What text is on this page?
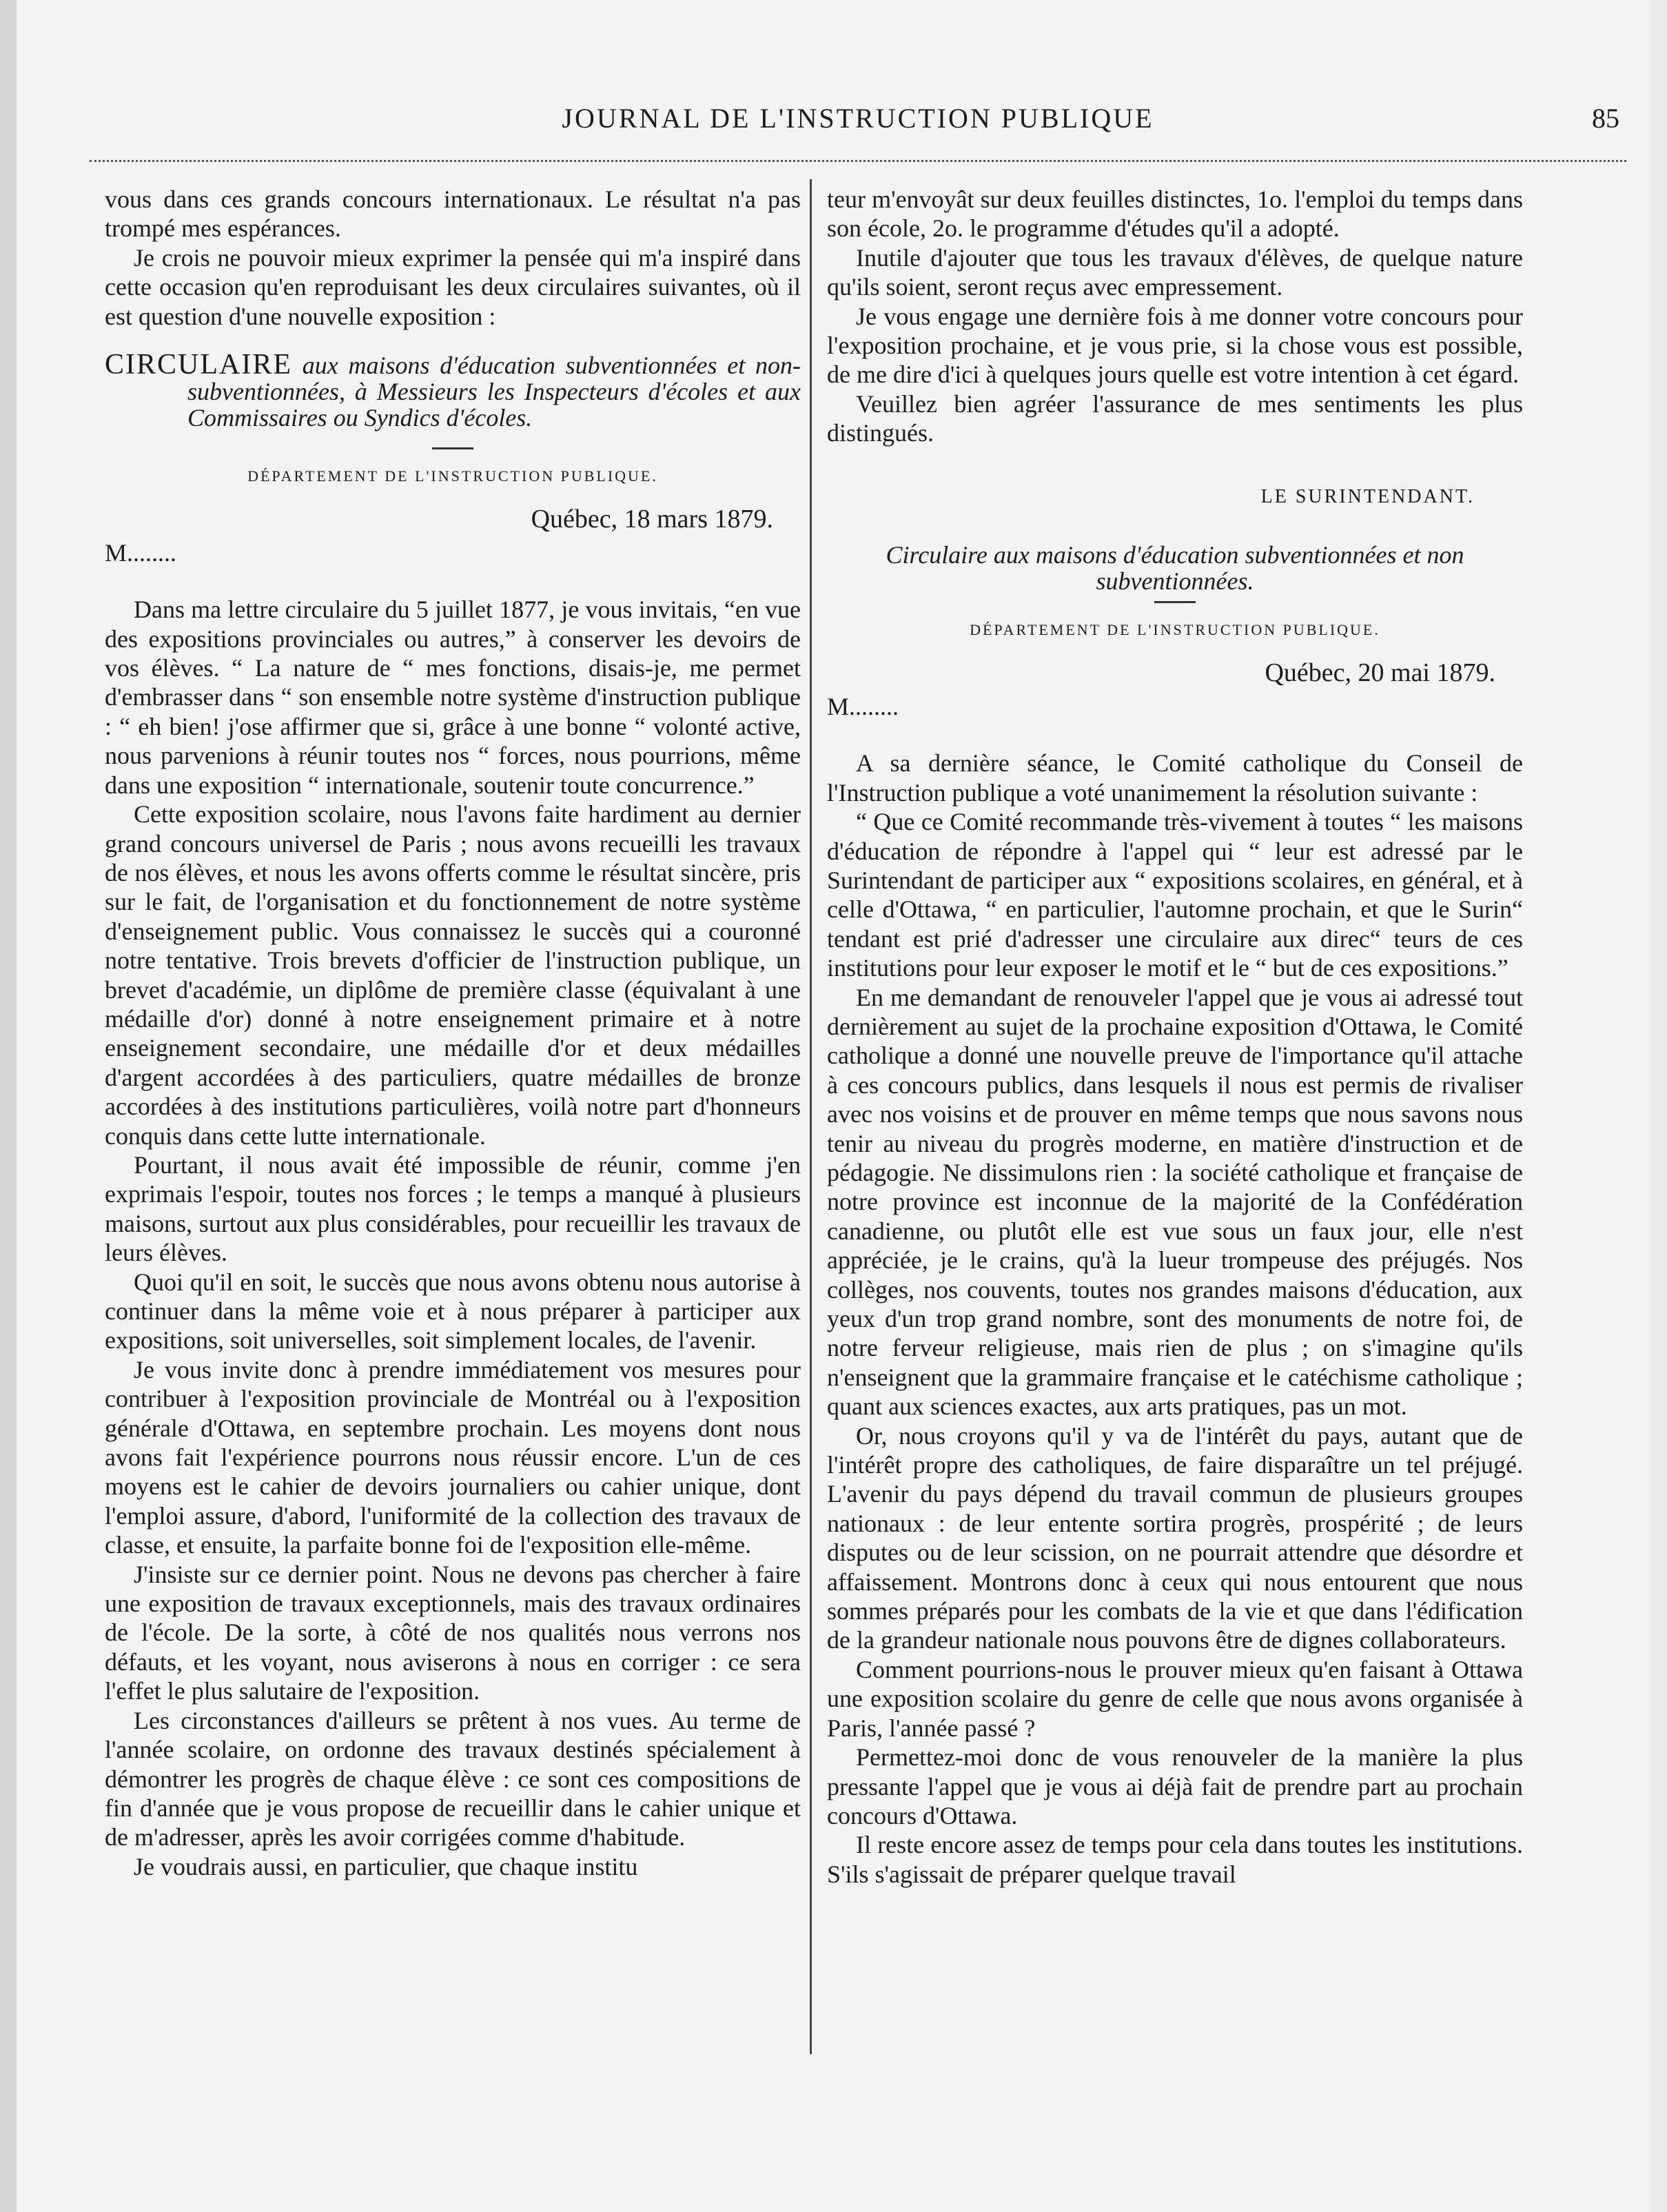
JOURNAL DE L'INSTRUCTION PUBLIQUE	85

vous dans ces grands concours internationaux. Le résultat n'a pas trompé mes espérances.

Je crois ne pouvoir mieux exprimer la pensée qui m'a inspiré dans cette occasion qu'en reproduisant les deux circulaires suivantes, où il est question d'une nouvelle exposition :

CIRCULAIRE aux maisons d'éducation subventionnées et non-subventionnées, à Messieurs les Inspecteurs d'écoles et aux Commissaires ou Syndics d'écoles.
DÉPARTEMENT DE L'INSTRUCTION PUBLIQUE.
Québec, 18 mars 1879.
M........

Dans ma lettre circulaire du 5 juillet 1877, je vous invitais, “en vue des expositions provinciales ou autres,” à conserver les devoirs de vos élèves. “ La nature de “ mes fonctions, disais-je, me permet d'embrasser dans “ son ensemble notre système d'instruction publique : “ eh bien! j'ose affirmer que si, grâce à une bonne “ volonté active, nous parvenions à réunir toutes nos “ forces, nous pourrions, même dans une exposition “ internationale, soutenir toute concurrence.”

Cette exposition scolaire, nous l'avons faite hardiment au dernier grand concours universel de Paris ; nous avons recueilli les travaux de nos élèves, et nous les avons offerts comme le résultat sincère, pris sur le fait, de l'organisation et du fonctionnement de notre système d'enseignement public. Vous connaissez le succès qui a couronné notre tentative. Trois brevets d'officier de l'instruction publique, un brevet d'académie, un diplôme de première classe (équivalant à une médaille d'or) donné à notre enseignement primaire et à notre enseignement secondaire, une médaille d'or et deux médailles d'argent accordées à des particuliers, quatre médailles de bronze accordées à des institutions particulières, voilà notre part d'honneurs conquis dans cette lutte internationale.

Pourtant, il nous avait été impossible de réunir, comme j'en exprimais l'espoir, toutes nos forces ; le temps a manqué à plusieurs maisons, surtout aux plus considérables, pour recueillir les travaux de leurs élèves.

Quoi qu'il en soit, le succès que nous avons obtenu nous autorise à continuer dans la même voie et à nous préparer à participer aux expositions, soit universelles, soit simplement locales, de l'avenir.

Je vous invite donc à prendre immédiatement vos mesures pour contribuer à l'exposition provinciale de Montréal ou à l'exposition générale d'Ottawa, en septembre prochain. Les moyens dont nous avons fait l'expérience pourrons nous réussir encore. L'un de ces moyens est le cahier de devoirs journaliers ou cahier unique, dont l'emploi assure, d'abord, l'uniformité de la collection des travaux de classe, et ensuite, la parfaite bonne foi de l'exposition elle-même.

J'insiste sur ce dernier point. Nous ne devons pas chercher à faire une exposition de travaux exceptionnels, mais des travaux ordinaires de l'école. De la sorte, à côté de nos qualités nous verrons nos défauts, et les voyant, nous aviserons à nous en corriger : ce sera l'effet le plus salutaire de l'exposition.

Les circonstances d'ailleurs se prêtent à nos vues. Au terme de l'année scolaire, on ordonne des travaux destinés spécialement à démontrer les progrès de chaque élève : ce sont ces compositions de fin d'année que je vous propose de recueillir dans le cahier unique et de m'adresser, après les avoir corrigées comme d'habitude.

Je voudrais aussi, en particulier, que chaque institu

teur m'envoyât sur deux feuilles distinctes, 1o. l'emploi du temps dans son école, 2o. le programme d'études qu'il a adopté.

Inutile d'ajouter que tous les travaux d'élèves, de quelque nature qu'ils soient, seront reçus avec empressement.

Je vous engage une dernière fois à me donner votre concours pour l'exposition prochaine, et je vous prie, si la chose vous est possible, de me dire d'ici à quelques jours quelle est votre intention à cet égard.

Veuillez bien agréer l'assurance de mes sentiments les plus distingués.

LE SURINTENDANT.
Circulaire aux maisons d'éducation subventionnées et non subventionnées.
DÉPARTEMENT DE L'INSTRUCTION PUBLIQUE.
Québec, 20 mai 1879.
M........

A sa dernière séance, le Comité catholique du Conseil de l'Instruction publique a voté unanimement la résolution suivante :

“ Que ce Comité recommande très-vivement à toutes “ les maisons d'éducation de répondre à l'appel qui “ leur est adressé par le Surintendant de participer aux “ expositions scolaires, en général, et à celle d'Ottawa, “ en particulier, l'automne prochain, et que le Surin“ tendant est prié d'adresser une circulaire aux direc“ teurs de ces institutions pour leur exposer le motif et le “ but de ces expositions.”

En me demandant de renouveler l'appel que je vous ai adressé tout dernièrement au sujet de la prochaine exposition d'Ottawa, le Comité catholique a donné une nouvelle preuve de l'importance qu'il attache à ces concours publics, dans lesquels il nous est permis de rivaliser avec nos voisins et de prouver en même temps que nous savons nous tenir au niveau du progrès moderne, en matière d'instruction et de pédagogie. Ne dissimulons rien : la société catholique et française de notre province est inconnue de la majorité de la Confédération canadienne, ou plutôt elle est vue sous un faux jour, elle n'est appréciée, je le crains, qu'à la lueur trompeuse des préjugés. Nos collèges, nos couvents, toutes nos grandes maisons d'éducation, aux yeux d'un trop grand nombre, sont des monuments de notre foi, de notre ferveur religieuse, mais rien de plus ; on s'imagine qu'ils n'enseignent que la grammaire française et le catéchisme catholique ; quant aux sciences exactes, aux arts pratiques, pas un mot.

Or, nous croyons qu'il y va de l'intérêt du pays, autant que de l'intérêt propre des catholiques, de faire disparaître un tel préjugé. L'avenir du pays dépend du travail commun de plusieurs groupes nationaux : de leur entente sortira progrès, prospérité ; de leurs disputes ou de leur scission, on ne pourrait attendre que désordre et affaissement. Montrons donc à ceux qui nous entourent que nous sommes préparés pour les combats de la vie et que dans l'édification de la grandeur nationale nous pouvons être de dignes collaborateurs.

Comment pourrions-nous le prouver mieux qu'en faisant à Ottawa une exposition scolaire du genre de celle que nous avons organisée à Paris, l'année passé ?

Permettez-moi donc de vous renouveler de la manière la plus pressante l'appel que je vous ai déjà fait de prendre part au prochain concours d'Ottawa.

Il reste encore assez de temps pour cela dans toutes les institutions. S'ils s'agissait de préparer quelque travail
